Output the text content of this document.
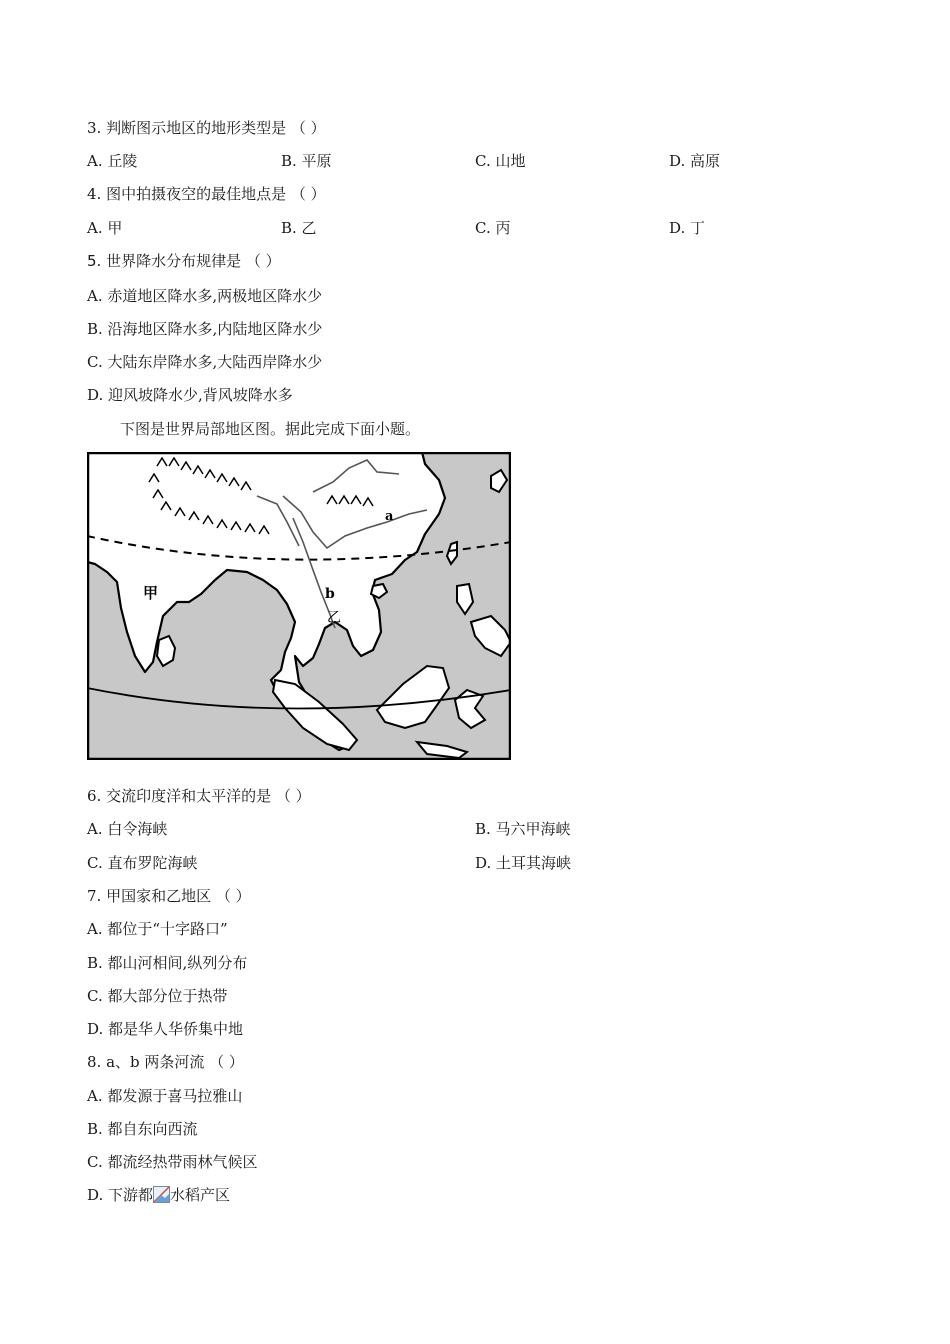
3. 判断图示地区的地形类型是 （ ）
A. 丘陵	B. 平原	C. 山地	D. 高原
4. 图中拍摄夜空的最佳地点是 （ ）
A. 甲	B. 乙	C. 丙	D. 丁
5. 世界降水分布规律是 （ ）
A. 赤道地区降水多,两极地区降水少
B. 沿海地区降水多,内陆地区降水少
C. 大陆东岸降水多,大陆西岸降水少
D. 迎风坡降水少,背风坡降水多
下图是世界局部地区图。据此完成下面小题。
甲
乙
a
b
6. 交流印度洋和太平洋的是 （ ）
A. 白令海峡	B. 马六甲海峡
C. 直布罗陀海峡	D. 土耳其海峡
7. 甲国家和乙地区 （ ）
A. 都位于“十字路口”
B. 都山河相间,纵列分布
C. 都大部分位于热带
D. 都是华人华侨集中地
8. a、b 两条河流 （ ）
A. 都发源于喜马拉雅山
B. 都自东向西流
C. 都流经热带雨林气候区
D. 下游都 水稻产区
